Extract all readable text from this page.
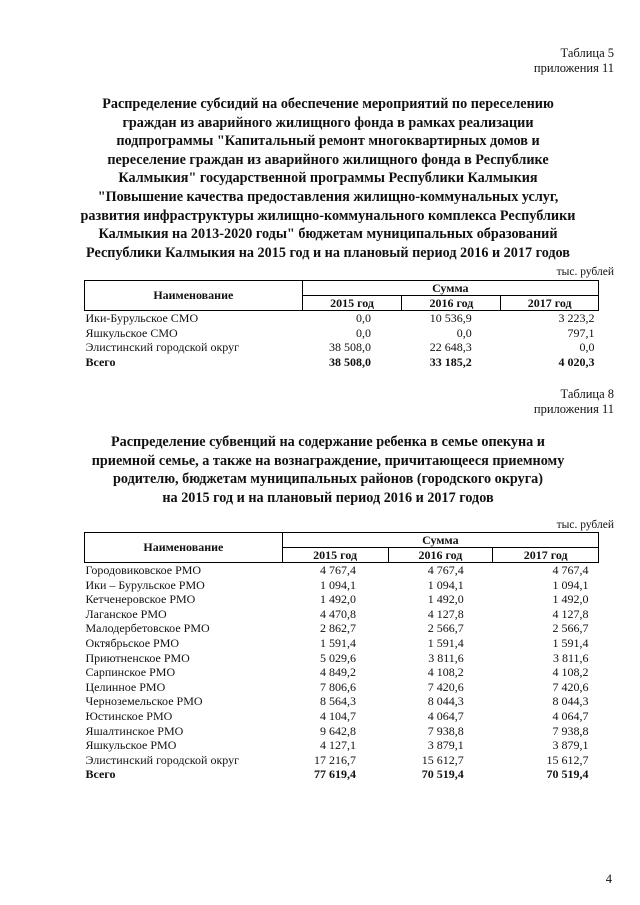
Таблица 5
приложения 11
Распределение субсидий на обеспечение мероприятий по переселению
граждан из аварийного жилищного фонда в рамках реализации
подпрограммы "Капитальный ремонт многоквартирных домов и
переселение граждан из аварийного жилищного фонда в Республике
Калмыкия" государственной программы Республики Калмыкия
"Повышение качества предоставления жилищно-коммунальных услуг,
развития инфраструктуры жилищно-коммунального комплекса Республики
Калмыкия на 2013-2020 годы" бюджетам муниципальных образований
Республики Калмыкия на 2015 год и на плановый период 2016 и 2017 годов
тыс. рублей
Наименование	Сумма		
	2015 год	2016 год	2017 год
Ики-Бурульское СМО	0,0	10 536,9	3 223,2
Яшкульское СМО	0,0	0,0	797,1
Элистинский городской округ	38 508,0	22 648,3	0,0
Всего	38 508,0	33 185,2	4 020,3
Таблица 8
приложения 11
Распределение субвенций на содержание ребенка в семье опекуна и
приемной семье, а также на вознаграждение, причитающееся приемному
родителю, бюджетам муниципальных районов (городского округа)
на 2015 год и на плановый период 2016 и 2017 годов
тыс. рублей
Наименование	Сумма		
	2015 год	2016 год	2017 год
Городовиковское РМО	4 767,4	4 767,4	4 767,4
Ики – Бурульское РМО	1 094,1	1 094,1	1 094,1
Кетченеровское РМО	1 492,0	1 492,0	1 492,0
Лаганское РМО	4 470,8	4 127,8	4 127,8
Малодербетовское РМО	2 862,7	2 566,7	2 566,7
Октябрьское РМО	1 591,4	1 591,4	1 591,4
Приютненское РМО	5 029,6	3 811,6	3 811,6
Сарпинское РМО	4 849,2	4 108,2	4 108,2
Целинное РМО	7 806,6	7 420,6	7 420,6
Черноземельское РМО	8 564,3	8 044,3	8 044,3
Юстинское РМО	4 104,7	4 064,7	4 064,7
Яшалтинское РМО	9 642,8	7 938,8	7 938,8
Яшкульское РМО	4 127,1	3 879,1	3 879,1
Элистинский городской округ	17 216,7	15 612,7	15 612,7
Всего	77 619,4	70 519,4	70 519,4
4
